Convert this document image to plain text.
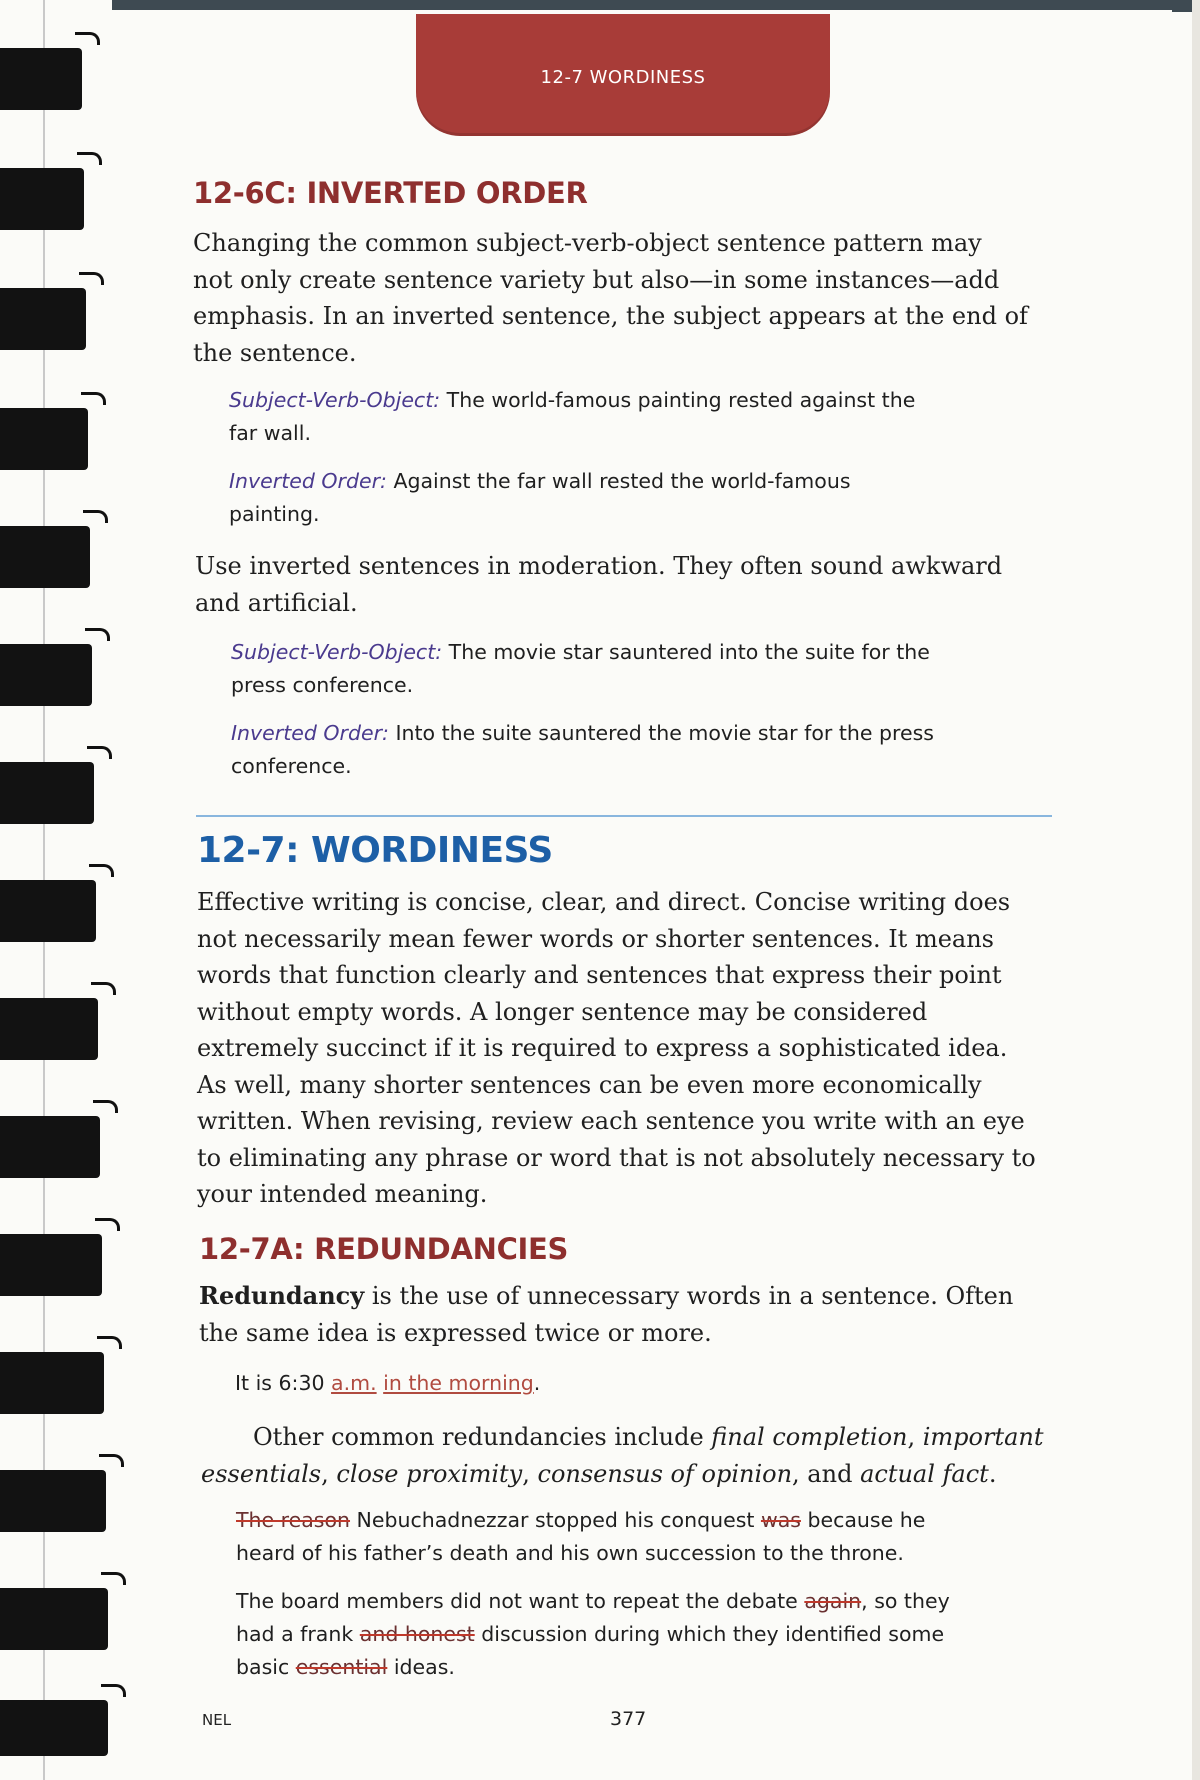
12-7 WORDINESS
12-6C: INVERTED ORDER
Changing the common subject-verb-object sentence pattern may
not only create sentence variety but also—in some instances—add
emphasis. In an inverted sentence, the subject appears at the end of
the sentence.
Subject-Verb-Object: The world-famous painting rested against the
far wall.
Inverted Order: Against the far wall rested the world-famous
painting.
Use inverted sentences in moderation. They often sound awkward
and artificial.
Subject-Verb-Object: The movie star sauntered into the suite for the
press conference.
Inverted Order: Into the suite sauntered the movie star for the press
conference.
12-7: WORDINESS
Effective writing is concise, clear, and direct. Concise writing does
not necessarily mean fewer words or shorter sentences. It means
words that function clearly and sentences that express their point
without empty words. A longer sentence may be considered
extremely succinct if it is required to express a sophisticated idea.
As well, many shorter sentences can be even more economically
written. When revising, review each sentence you write with an eye
to eliminating any phrase or word that is not absolutely necessary to
your intended meaning.
12-7A: REDUNDANCIES
Redundancy is the use of unnecessary words in a sentence. Often
the same idea is expressed twice or more.
It is 6:30 a.m. in the morning.
Other common redundancies include final completion, important
essentials, close proximity, consensus of opinion, and actual fact.
The reason Nebuchadnezzar stopped his conquest was because he
heard of his father’s death and his own succession to the throne.
The board members did not want to repeat the debate again, so they
had a frank and honest discussion during which they identified some
basic essential ideas.
NEL	377
